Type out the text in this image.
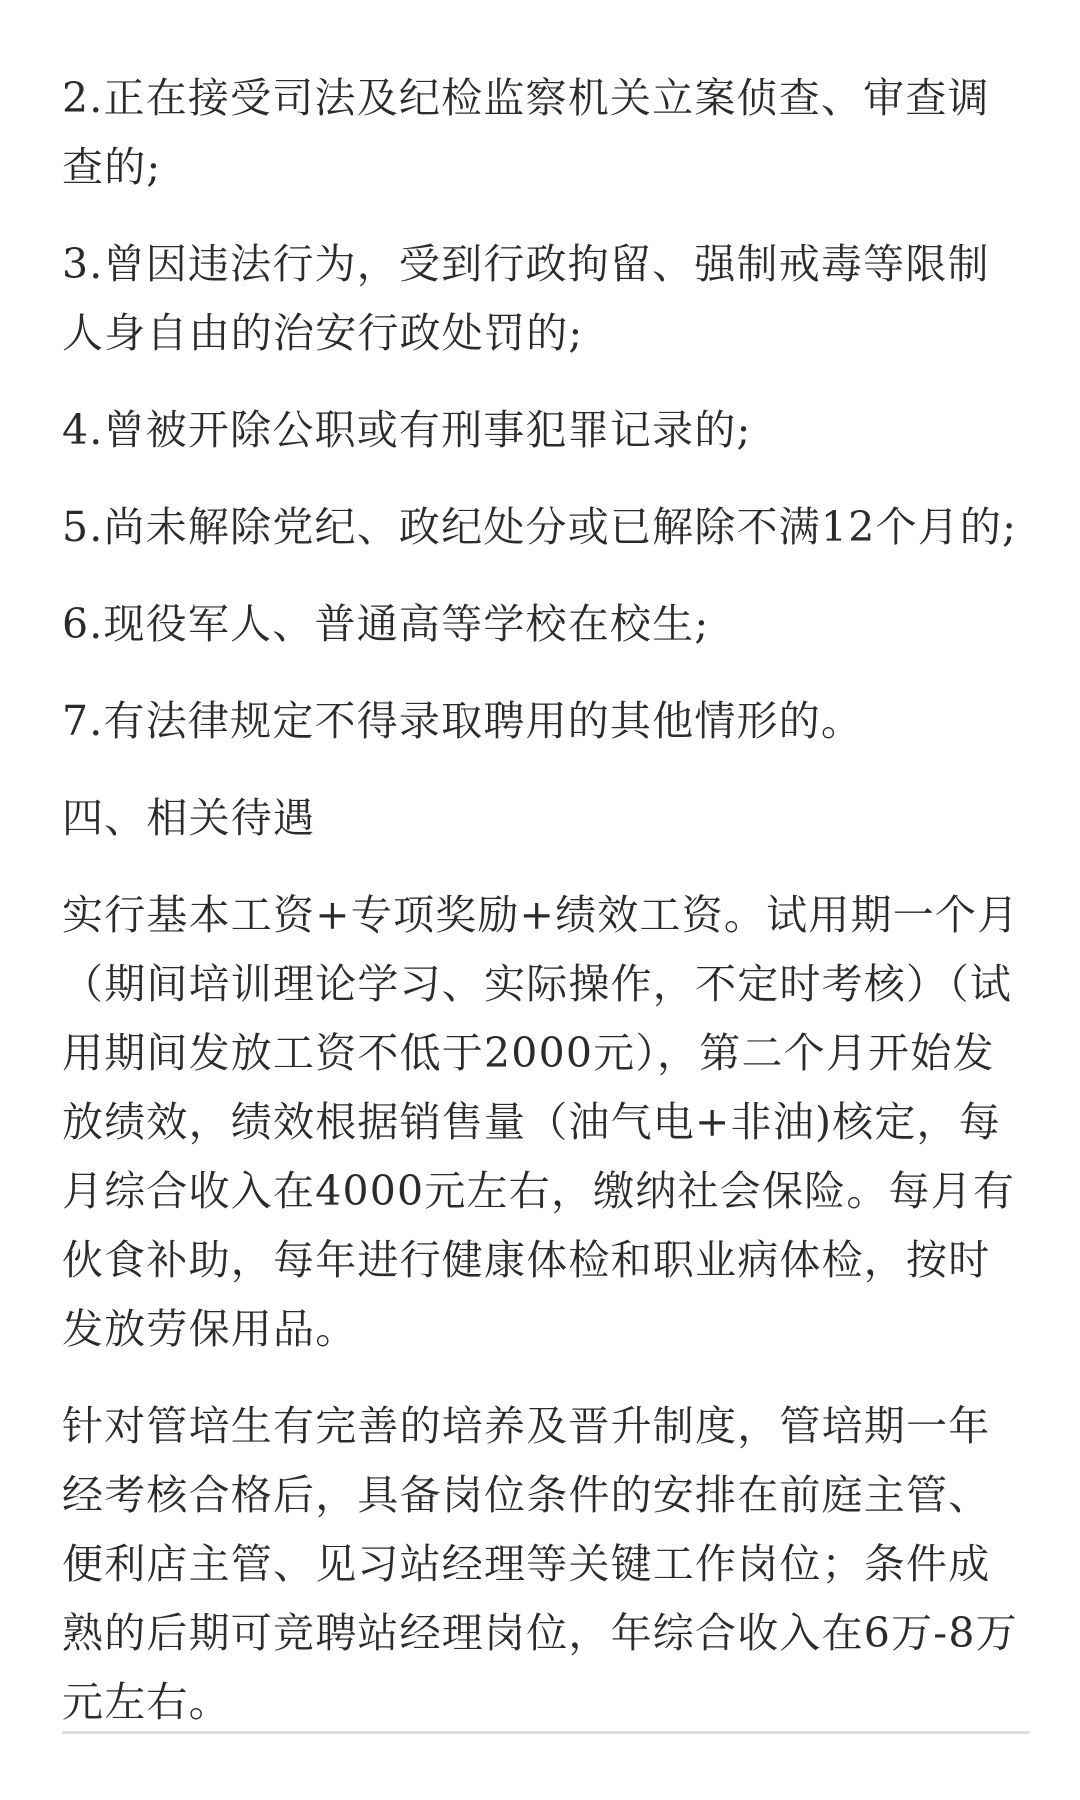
2.正在接受司法及纪检监察机关立案侦查、审查调查的;

3.曾因违法行为，受到行政拘留、强制戒毒等限制人身自由的治安行政处罚的;

4.曾被开除公职或有刑事犯罪记录的;

5.尚未解除党纪、政纪处分或已解除不满12个月的;

6.现役军人、普通高等学校在校生;

7.有法律规定不得录取聘用的其他情形的。

四、相关待遇

实行基本工资+专项奖励+绩效工资。试用期一个月（期间培训理论学习、实际操作，不定时考核）（试用期间发放工资不低于2000元），第二个月开始发放绩效，绩效根据销售量（油气电+非油)核定，每月综合收入在4000元左右，缴纳社会保险。每月有伙食补助，每年进行健康体检和职业病体检，按时发放劳保用品。

针对管培生有完善的培养及晋升制度，管培期一年经考核合格后，具备岗位条件的安排在前庭主管、便利店主管、见习站经理等关键工作岗位；条件成熟的后期可竞聘站经理岗位，年综合收入在6万-8万元左右。
